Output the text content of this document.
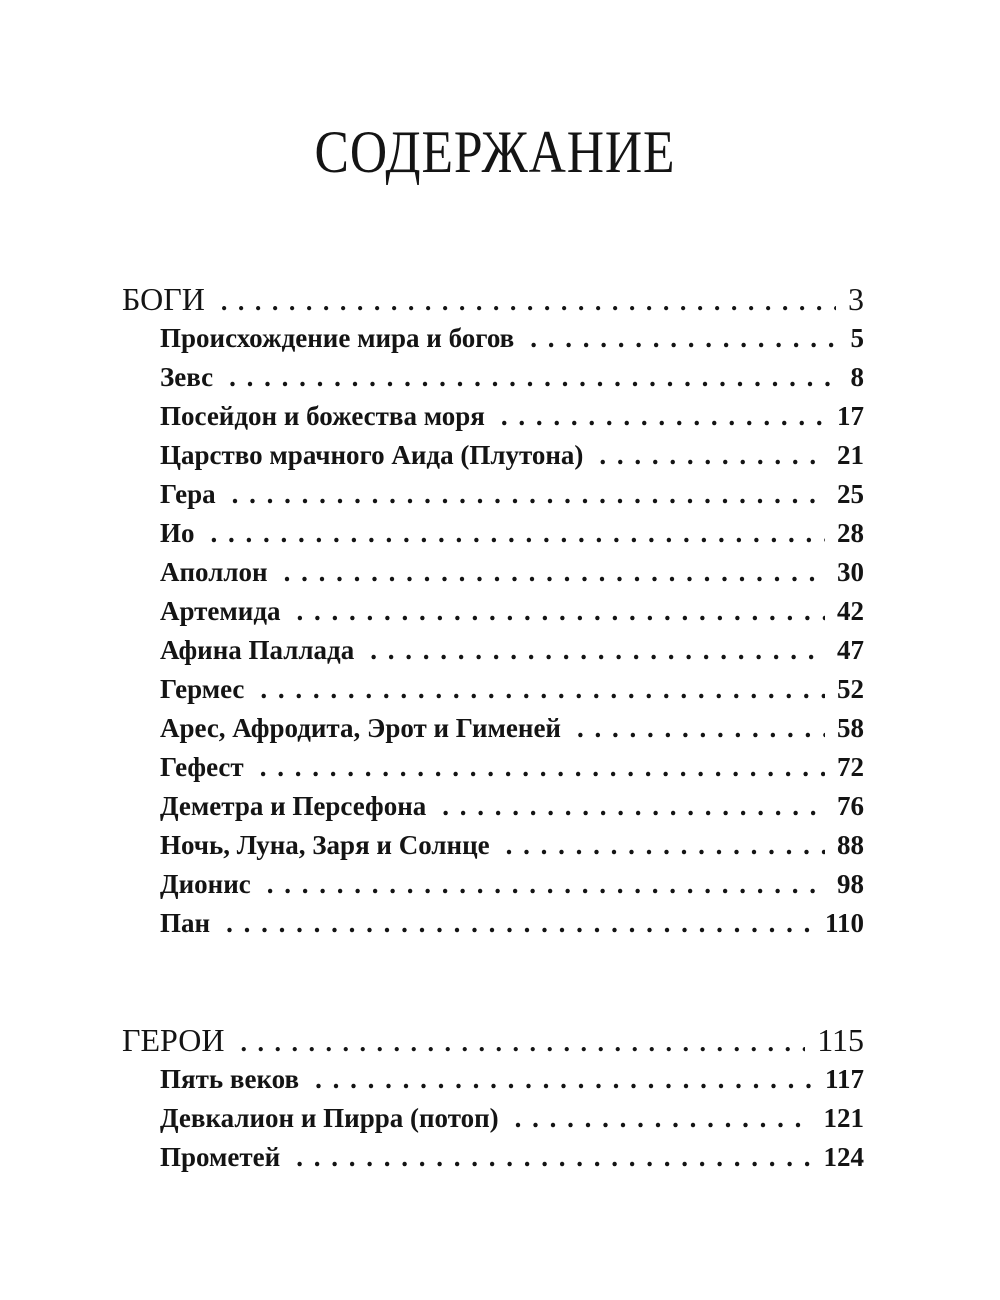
СОДЕРЖАНИЕ
БОГИ . . .	3
Происхождение мира и богов . . .	5
Зевс . . .	8
Посейдон и божества моря . . .	17
Царство мрачного Аида (Плутона) . . .	21
Гера . . .	25
Ио . . .	28
Аполлон . . .	30
Артемида . . .	42
Афина Паллада . . .	47
Гермес . . .	52
Арес, Афродита, Эрот и Гименей . . .	58
Гефест . . .	72
Деметра и Персефона . . .	76
Ночь, Луна, Заря и Солнце . . .	88
Дионис . . .	98
Пан . . .	110
ГЕРОИ . . .	115
Пять веков . . .	117
Девкалион и Пирра (потоп) . . .	121
Прометей . . .	124
